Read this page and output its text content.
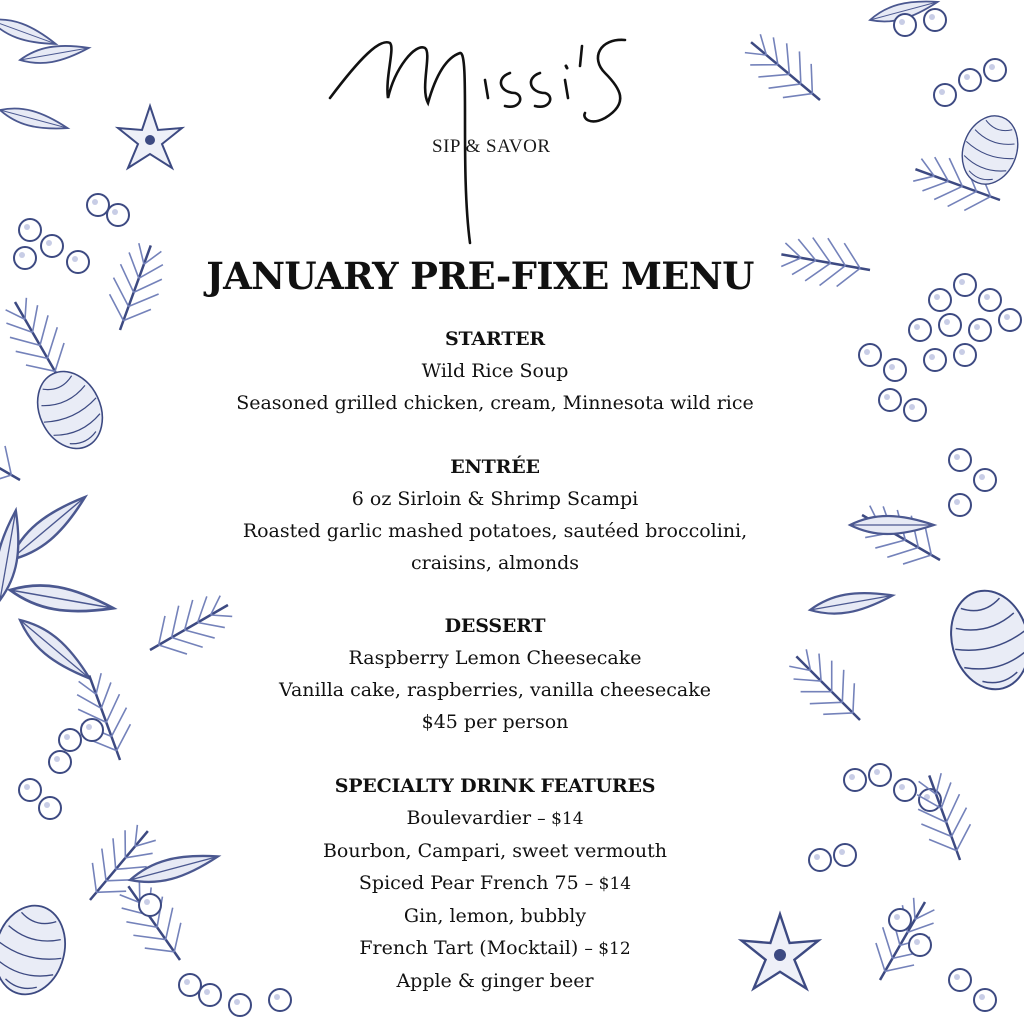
SIP & SAVOR
JANUARY PRE-FIXE MENU
STARTER
Wild Rice Soup
Seasoned grilled chicken, cream, Minnesota wild rice
ENTRÉE
6 oz Sirloin & Shrimp Scampi
Roasted garlic mashed potatoes, sautéed broccolini,
craisins, almonds
DESSERT
Raspberry Lemon Cheesecake
Vanilla cake, raspberries, vanilla cheesecake
$45 per person
SPECIALTY DRINK FEATURES
Boulevardier – $14
Bourbon, Campari, sweet vermouth
Spiced Pear French 75 – $14
Gin, lemon, bubbly
French Tart (Mocktail) – $12
Apple & ginger beer
